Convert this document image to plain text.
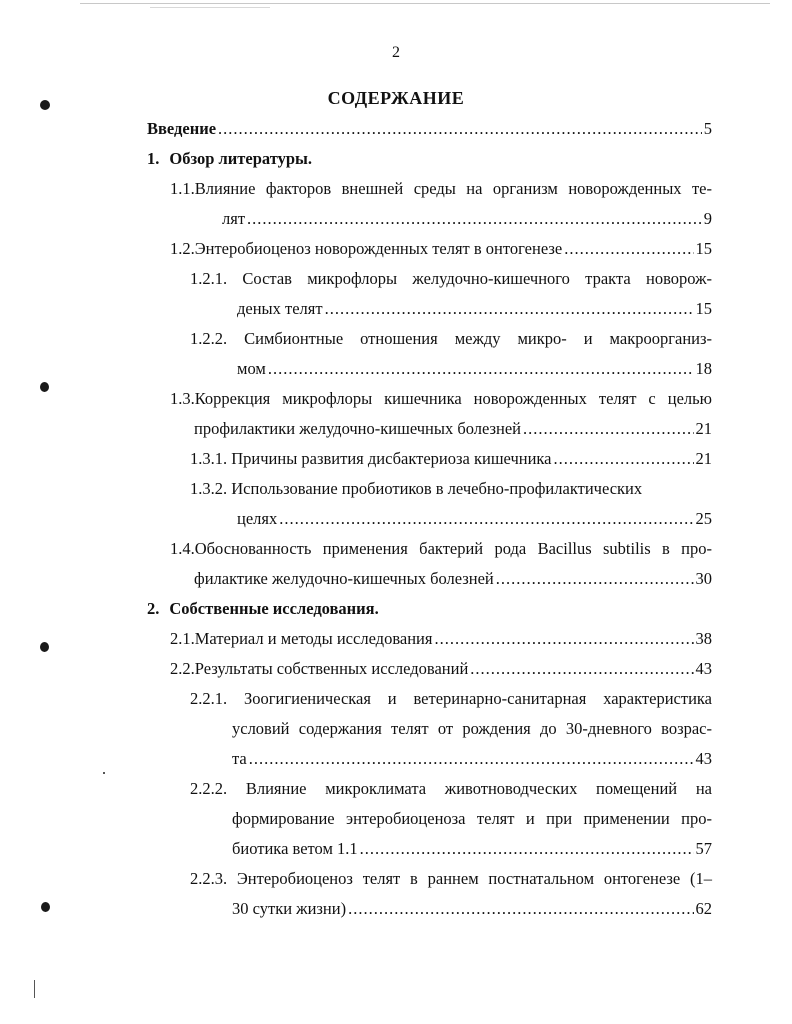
2
СОДЕРЖАНИЕ
Введение .....	5
1. Обзор литературы.
1.1.Влияние факторов внешней среды на организм новорожденных те-
лят .....	9
1.2.Энтеробиоценоз новорожденных телят в онтогенезе .....	15
1.2.1. Состав микрофлоры желудочно-кишечного тракта новорож-
деных телят .....	15
1.2.2. Симбионтные отношения между микро- и макроорганиз-
мом .....	18
1.3.Коррекция микрофлоры кишечника новорожденных телят с целью
профилактики желудочно-кишечных болезней .....	21
1.3.1. Причины развития дисбактериоза кишечника .....	21
1.3.2. Использование пробиотиков в лечебно-профилактических
целях .....	25
1.4.Обоснованность применения бактерий рода Bacillus subtilis в про-
филактике желудочно-кишечных болезней .....	30
2. Собственные исследования.
2.1.Материал и методы исследования .....	38
2.2.Результаты собственных исследований .....	43
2.2.1. Зоогигиеническая и ветеринарно-санитарная характеристика
условий содержания телят от рождения до 30-дневного возрас-
та .....	43
2.2.2. Влияние микроклимата животноводческих помещений на
формирование энтеробиоценоза телят и при применении про-
биотика ветом 1.1 .....	57
2.2.3. Энтеробиоценоз телят в раннем постнатальном онтогенезе (1–
30 сутки жизни) .....	62
